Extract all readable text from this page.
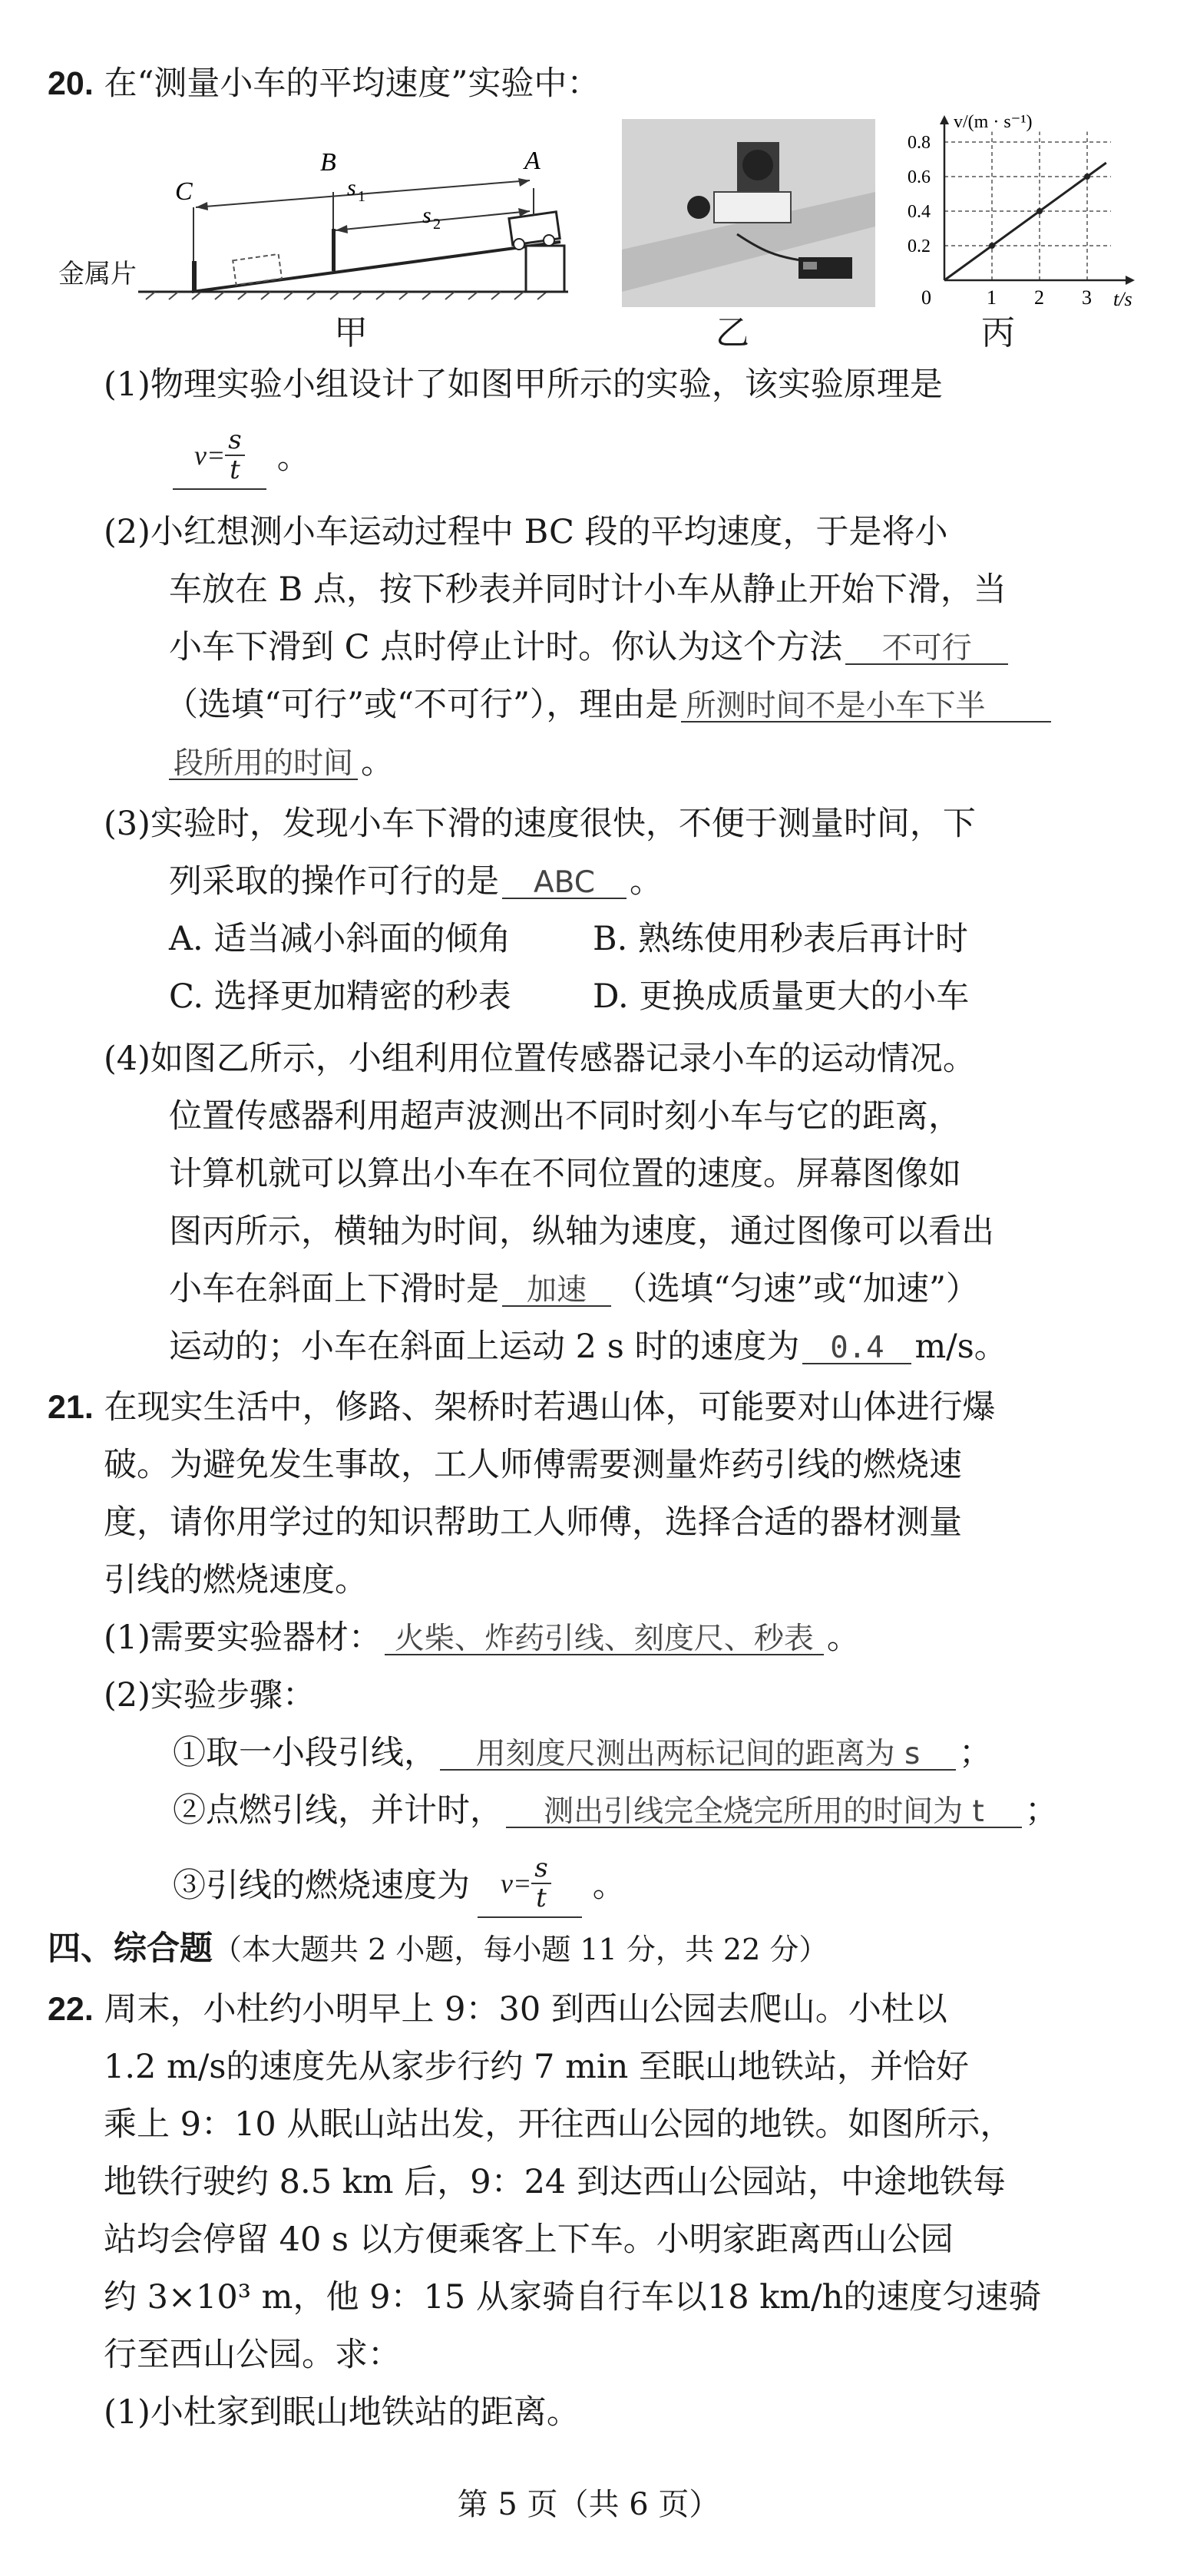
20. 在“测量小车的平均速度”实验中：
C
B	A
s 1
s 2
金属片
甲	乙
0.8
0.6
0.4
0.2
0	1 2 3
v/(m · s⁻¹)
t/s
丙
(1)物理实验小组设计了如图甲所示的实验，该实验原理是
$v= \frac{s}{t}$ 。
(2)小红想测小车运动过程中 BC 段的平均速度，于是将小
车放在 B 点，按下秒表并同时计小车从静止开始下滑，当
小车下滑到 C 点时停止计时。你认为这个方法 不可行
（选填“可行”或“不可行”），理由是 所测时间不是小车下半
段所用的时间 。
(3)实验时，发现小车下滑的速度很快，不便于测量时间，下
列采取的操作可行的是 ABC 。
A. 适当减小斜面的倾角 B. 熟练使用秒表后再计时
C. 选择更加精密的秒表 D. 更换成质量更大的小车
(4)如图乙所示，小组利用位置传感器记录小车的运动情况。
位置传感器利用超声波测出不同时刻小车与它的距离，
计算机就可以算出小车在不同位置的速度。屏幕图像如
图丙所示，横轴为时间，纵轴为速度，通过图像可以看出
小车在斜面上下滑时是 加速 （选填“匀速”或“加速”）
运动的；小车在斜面上运动 2 s 时的速度为 0.4 m/s。
21. 在现实生活中，修路、架桥时若遇山体，可能要对山体进行爆
破。为避免发生事故，工人师傅需要测量炸药引线的燃烧速
度，请你用学过的知识帮助工人师傅，选择合适的器材测量
引线的燃烧速度。
(1)需要实验器材： 火柴、炸药引线、刻度尺、秒表 。
(2)实验步骤：
①取一小段引线， 用刻度尺测出两标记间的距离为 s ；
②点燃引线，并计时， 测出引线完全烧完所用的时间为 t ；
③引线的燃烧速度为 $v= \frac{s}{t}$ 。
四、综合题（本大题共 2 小题，每小题 11 分，共 22 分）
22. 周末，小杜约小明早上 9：30 到西山公园去爬山。小杜以
1.2 m/s的速度先从家步行约 7 min 至眠山地铁站，并恰好
乘上 9：10 从眠山站出发，开往西山公园的地铁。如图所示，
地铁行驶约 8.5 km 后，9：24 到达西山公园站，中途地铁每
站均会停留 40 s 以方便乘客上下车。小明家距离西山公园
约 3×10³ m，他 9：15 从家骑自行车以18 km/h的速度匀速骑
行至西山公园。求：
(1)小杜家到眠山地铁站的距离。
第 5 页（共 6 页）
